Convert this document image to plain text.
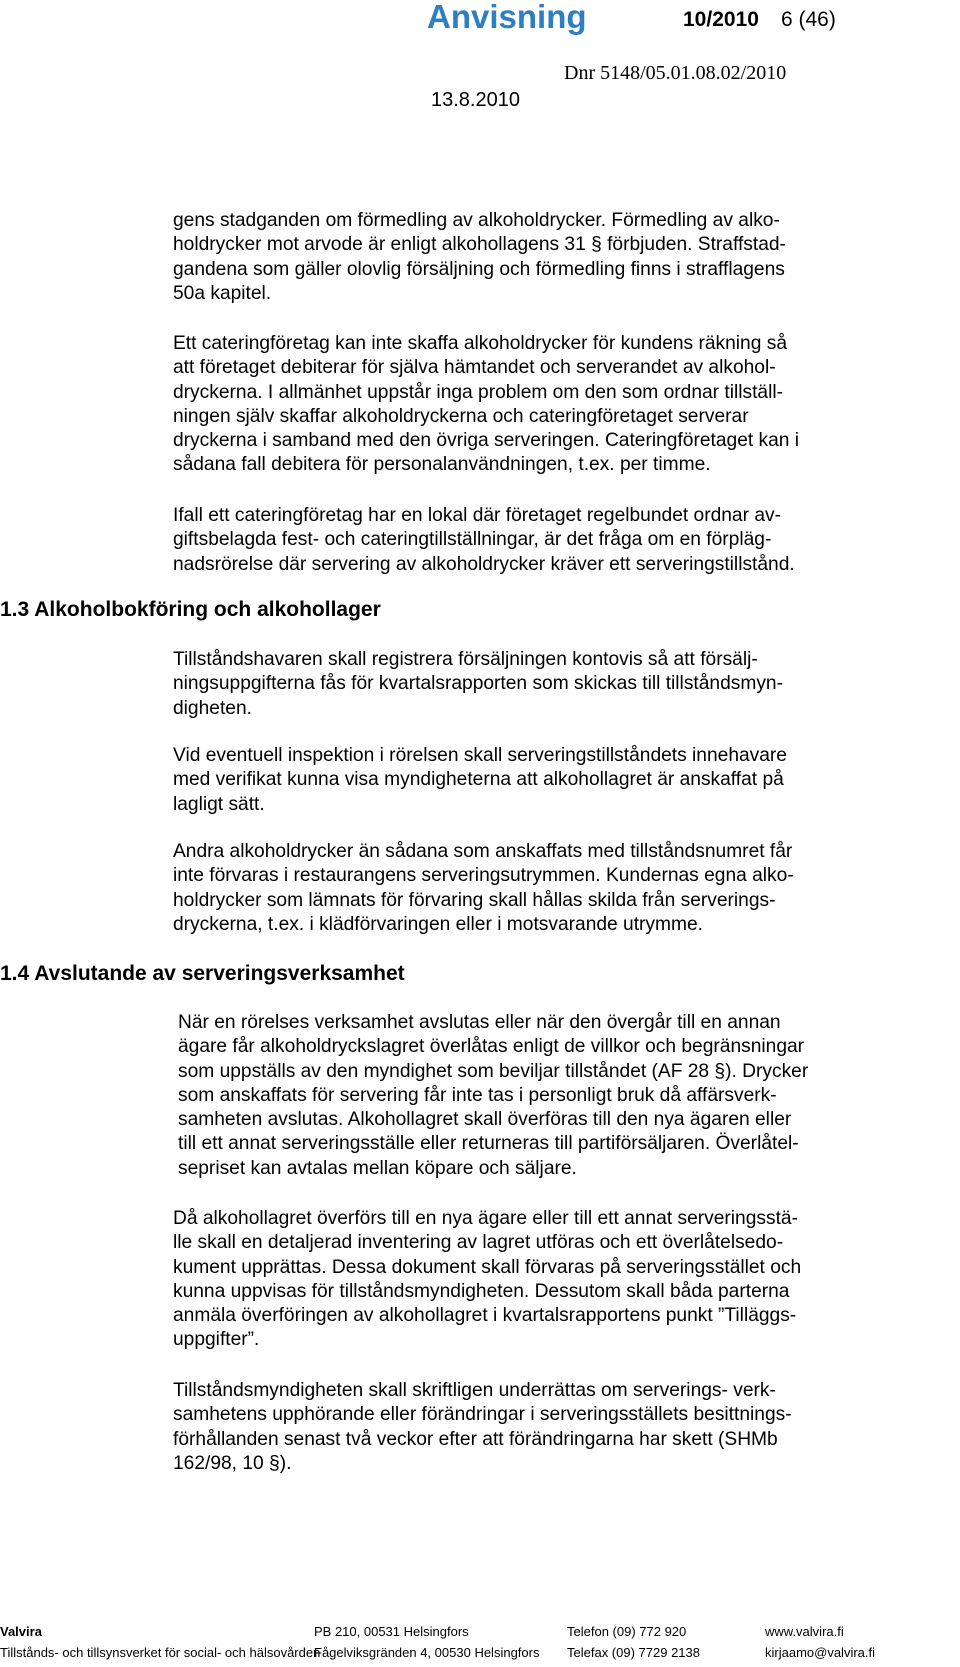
Anvisning	10/2010 6 (46)
Dnr 5148/05.01.08.02/2010
13.8.2010
gens stadganden om förmedling av alkoholdrycker. Förmedling av alko-
holdrycker mot arvode är enligt alkohollagens 31 § förbjuden. Straffstad-
gandena som gäller olovlig försäljning och förmedling finns i strafflagens
50a kapitel.
Ett cateringföretag kan inte skaffa alkoholdrycker för kundens räkning så
att företaget debiterar för själva hämtandet och serverandet av alkohol-
dryckerna. I allmänhet uppstår inga problem om den som ordnar tillställ-
ningen själv skaffar alkoholdryckerna och cateringföretaget serverar
dryckerna i samband med den övriga serveringen. Cateringföretaget kan i
sådana fall debitera för personalanvändningen, t.ex. per timme.
Ifall ett cateringföretag har en lokal där företaget regelbundet ordnar av-
giftsbelagda fest- och cateringtillställningar, är det fråga om en förpläg-
nadsrörelse där servering av alkoholdrycker kräver ett serveringstillstånd.
1.3 Alkoholbokföring och alkohollager
Tillståndshavaren skall registrera försäljningen kontovis så att försälj-
ningsuppgifterna fås för kvartalsrapporten som skickas till tillståndsmyn-
digheten.
Vid eventuell inspektion i rörelsen skall serveringstillståndets innehavare
med verifikat kunna visa myndigheterna att alkohollagret är anskaffat på
lagligt sätt.
Andra alkoholdrycker än sådana som anskaffats med tillståndsnumret får
inte förvaras i restaurangens serveringsutrymmen. Kundernas egna alko-
holdrycker som lämnats för förvaring skall hållas skilda från serverings-
dryckerna, t.ex. i klädförvaringen eller i motsvarande utrymme.
1.4 Avslutande av serveringsverksamhet
När en rörelses verksamhet avslutas eller när den övergår till en annan
ägare får alkoholdryckslagret överlåtas enligt de villkor och begränsningar
som uppställs av den myndighet som beviljar tillståndet (AF 28 §). Drycker
som anskaffats för servering får inte tas i personligt bruk då affärsverk-
samheten avslutas. Alkohollagret skall överföras till den nya ägaren eller
till ett annat serveringsställe eller returneras till partiförsäljaren. Överlåtel-
sepriset kan avtalas mellan köpare och säljare.
Då alkohollagret överförs till en nya ägare eller till ett annat serveringsstä-
lle skall en detaljerad inventering av lagret utföras och ett överlåtelsedo-
kument upprättas. Dessa dokument skall förvaras på serveringsstället och
kunna uppvisas för tillståndsmyndigheten. Dessutom skall båda parterna
anmäla överföringen av alkohollagret i kvartalsrapportens punkt ”Tilläggs-
uppgifter”.
Tillståndsmyndigheten skall skriftligen underrättas om serverings- verk-
samhetens upphörande eller förändringar i serveringsställets besittnings-
förhållanden senast två veckor efter att förändringarna har skett (SHMb
162/98, 10 §).
Valvira
Tillstånds- och tillsynsverket för social- och hälsovården
PB 210, 00531 Helsingfors
Fågelviksgränden 4, 00530 Helsingfors
Telefon (09) 772 920
Telefax (09) 7729 2138
www.valvira.fi
kirjaamo@valvira.fi
